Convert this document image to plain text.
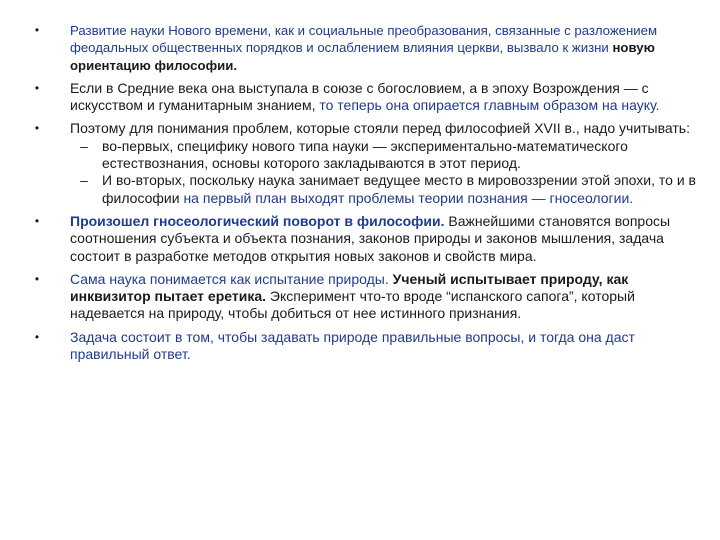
•	Развитие науки Нового времени, как и социальные преобразования, связанные с разложением феодальных общественных порядков и ослаблением влияния церкви, вызвало к жизни новую ориентацию философии.
•	Если в Средние века она выступала в союзе с богословием, а в эпоху Возрождения — с искусством и гуманитарным знанием, то теперь она опирается главным образом на науку.
•	Поэтому для понимания проблем, которые стояли перед философией XVII в., надо учитывать:
–	во-первых, специфику нового типа науки — экспериментально-математического естествознания, основы которого закладываются в этот период.
–	И во-вторых, поскольку наука занимает ведущее место в мировоззрении этой эпохи, то и в философии на первый план выходят проблемы теории познания — гносеологии.
•	Произошел гносеологический поворот в философии. Важнейшими становятся вопросы соотношения субъекта и объекта познания, законов природы и законов мышления, задача состоит в разработке методов открытия новых законов и свойств мира.
•	Сама наука понимается как испытание природы. Ученый испытывает природу, как инквизитор пытает еретика. Эксперимент что-то вроде “испанского сапога”, который надевается на природу, чтобы добиться от нее истинного признания.
•	Задача состоит в том, чтобы задавать природе правильные вопросы, и тогда она даст правильный ответ.
